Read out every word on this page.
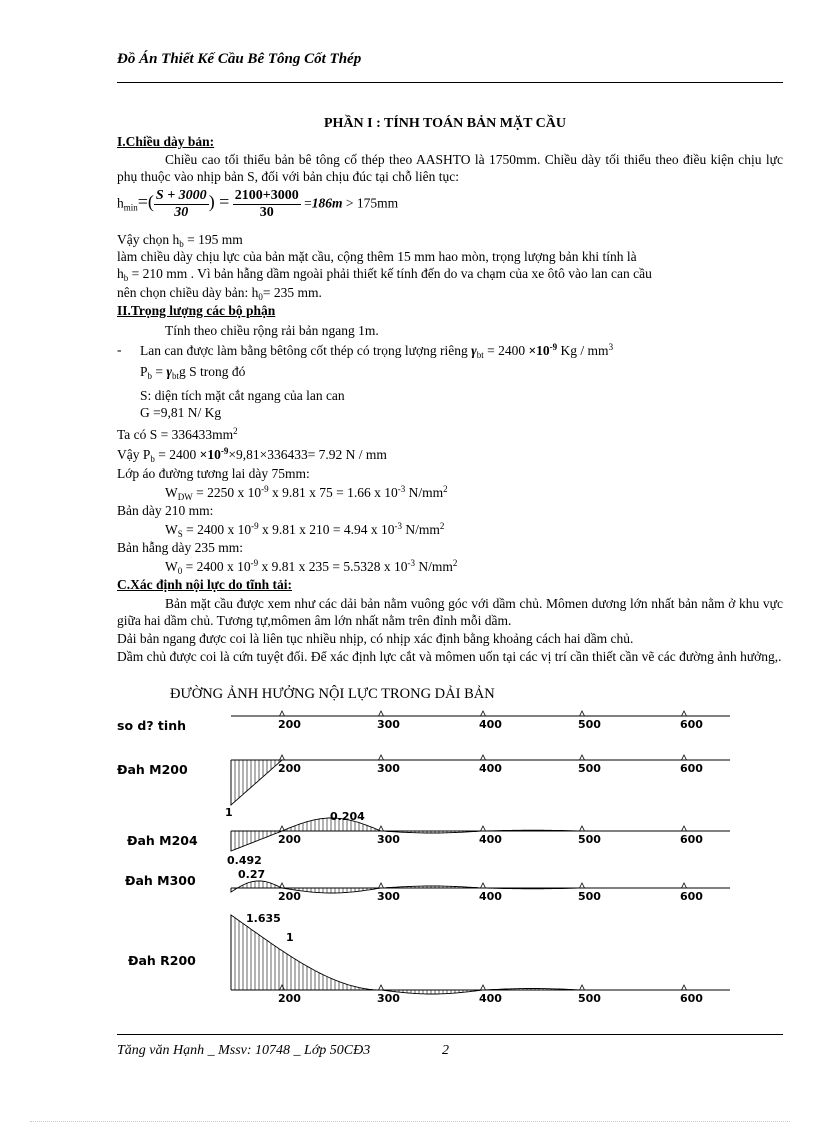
Đồ Án Thiết Kế Cầu Bê Tông Cốt Thép
PHẦN I : TÍNH TOÁN BẢN MẶT CẦU
I.Chiều dày bản:
Chiều cao tối thiểu bản bê tông cố thép theo AASHTO là 1750mm. Chiều dày tối thiểu theo điều kiện chịu lực phụ thuộc vào nhịp bản S, đối với bản chịu đúc tại chỗ liên tục:
$h_{min}=( \frac{S + 3000}{30}$ ) = $\frac{2100+3000}{30} =186m > 175mm$
Vậy chọn $h_b = 195$ mm
làm chiều dày chịu lực của bản mặt cầu, cộng thêm 15 mm hao mòn, trọng lượng bản khi tính là
$h_b = 210$ mm . Vì bản hẫng dầm ngoài phải thiết kế tính đến do va chạm của xe ôtô vào lan can cầu
nên chọn chiều dày bản: $h_0= 235$ mm.
II.Trọng lượng các bộ phận
Tính theo chiều rộng rải bản ngang 1m.
- Lan can được làm bằng bêtông cốt thép có trọng lượng riêng $\gamma_{bt} = 2400 \times 10^{-9}$ Kg / $mm^3$
$P_b = \gamma_{bt}g$ S trong đó
S: diện tích mặt cắt ngang của lan can
G =9,81 N/ Kg
Ta có $S = 336433mm^2$
Vậy $P_b = 2400 \times 10^{-9}\times 9,81\times 336433= 7.92$ N / mm
Lớp áo đường tương lai dày 75mm:
$W_{DW} = 2250$ x $10^{-9}$ x 9.81 x 75 = 1.66 x $10^{-3}$ $N/mm^2$
Bản dày 210 mm:
$W_S = 2400$ x $10^{-9}$ x 9.81 x 210 = 4.94 x $10^{-3}$ $N/mm^2$
Bản hẫng dày 235 mm:
$W_0 = 2400$ x $10^{-9}$ x 9.81 x 235 = 5.5328 x $10^{-3}$ $N/mm^2$
C.Xác định nội lực do tĩnh tải:
Bản mặt cầu được xem như các dải bản nằm vuông góc với dầm chủ. Mômen dương lớn nhất bản nằm ở khu vực giữa hai dầm chủ. Tương tự,mômen âm lớn nhất nằm trên đỉnh mỗi dầm.
Dải bản ngang được coi là liên tục nhiều nhịp, có nhịp xác định bằng khoảng cách hai dầm chủ.
Dầm chủ được coi là cứn tuyệt đối. Để xác định lực cắt và mômen uốn tại các vị trí cần thiết cần vẽ các đường ảnh hưởng,.
ĐƯỜNG ẢNH HƯỞNG NỘI LỰC TRONG DẢI BẢN
200	300	400	500	600
200	300	400	500	600
200	300	400	500	600
200	300	400	500	600
200	300	400	500	600
so d? tinh
Đah M200
Đah M204
Đah M300
Đah R200
1	0.204
0.492
0.27
1.635
1
Tăng văn Hạnh _ Mssv: 10748 _ Lớp 50CĐ3	2
